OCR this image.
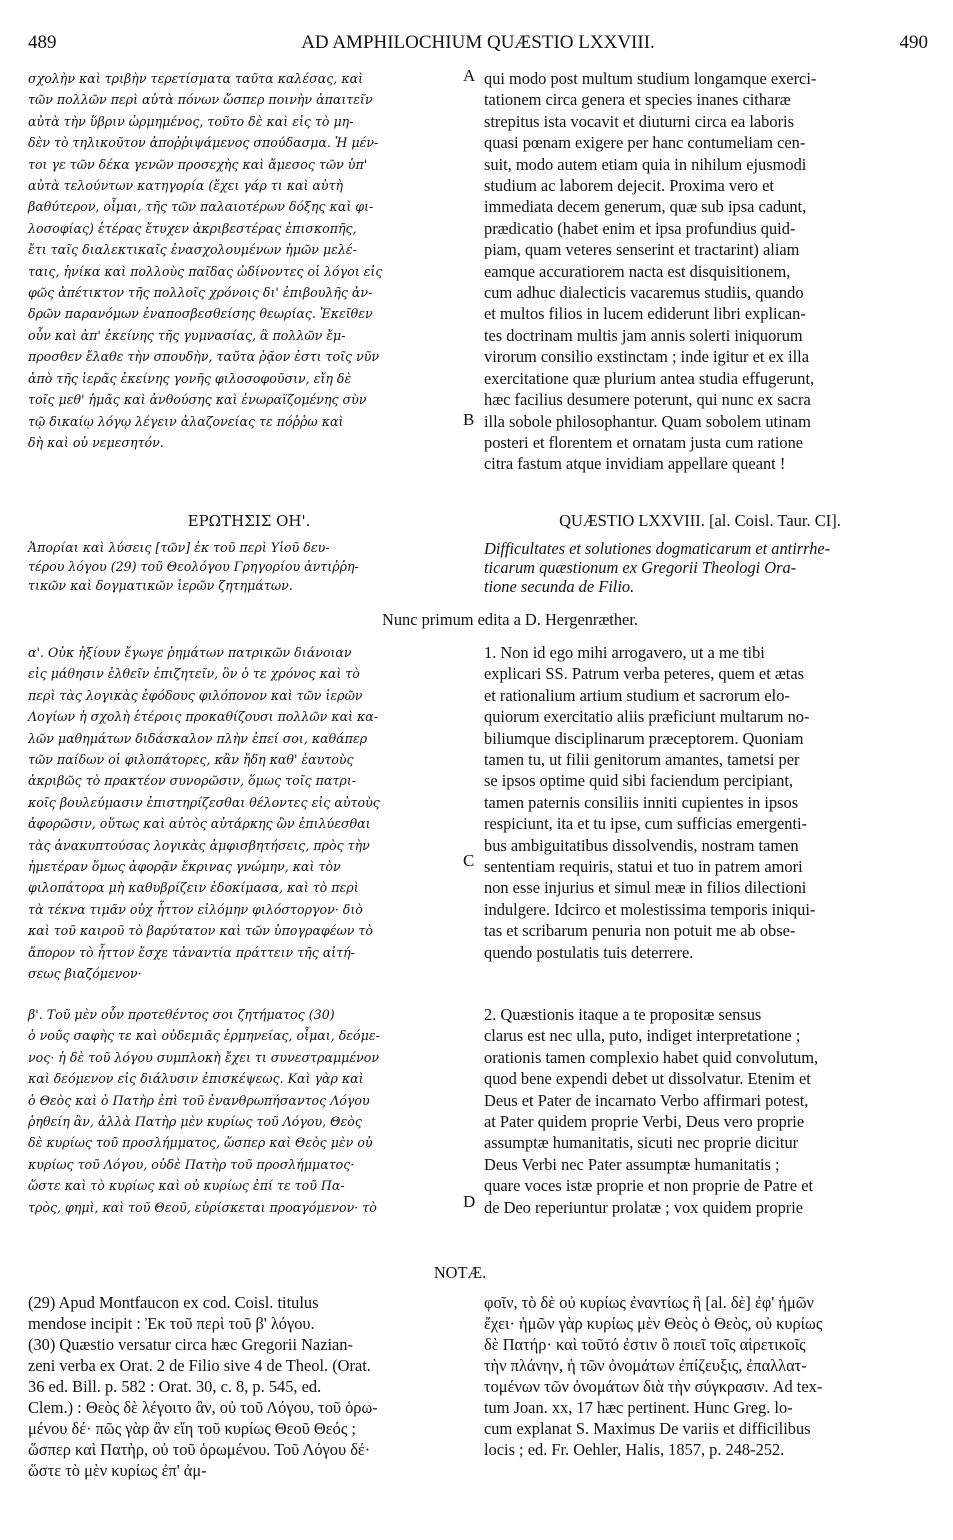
489	AD AMPHILOCHIUM QUÆSTIO LXXVIII.	490
σχολὴν καὶ τριβὴν τερετίσματα ταῦτα καλέσας, καὶ
τῶν πολλῶν περὶ αὐτὰ πόνων ὥσπερ ποινὴν ἀπαιτεῖν
αὐτὰ τὴν ὕβριν ὡρμημένος, τοῦτο δὲ καὶ εἰς τὸ μη-
δὲν τὸ τηλικοῦτον ἀποῤῥιψάμενος σπούδασμα. Ἡ μέν-
τοι γε τῶν δέκα γενῶν προσεχὴς καὶ ἄμεσος τῶν ὑπ'
αὐτὰ τελούντων κατηγορία (ἔχει γάρ τι καὶ αὐτὴ
βαθύτερον, οἶμαι, τῆς τῶν παλαιοτέρων δόξης καὶ φι-
λοσοφίας) ἑτέρας ἔτυχεν ἀκριβεστέρας ἐπισκοπῆς,
ἔτι ταῖς διαλεκτικαῖς ἐνασχολουμένων ἡμῶν μελέ-
ταις, ἡνίκα καὶ πολλοὺς παῖδας ὠδίνοντες οἱ λόγοι εἰς
φῶς ἀπέτικτον τῆς πολλοῖς χρόνοις δι' ἐπιβουλῆς ἀν-
δρῶν παρανόμων ἐναποσβεσθείσης θεωρίας. Ἐκεῖθεν
οὖν καὶ ἀπ' ἐκείνης τῆς γυμνασίας, ἃ πολλῶν ἔμ-
προσθεν ἔλαθε τὴν σπουδὴν, ταῦτα ῥᾷον ἐστι τοῖς νῦν
ἀπὸ τῆς ἱερᾶς ἐκείνης γονῆς φιλοσοφοῦσιν, εἴη δὲ
τοῖς μεθ' ἡμᾶς καὶ ἀνθούσης καὶ ἐνωραϊζομένης σὺν
τῷ δικαίῳ λόγῳ λέγειν ἀλαζονείας τε πόῤῥω καὶ
δὴ καὶ οὐ νεμεσητόν.
qui modo post multum studium longamque exerci-
tationem circa genera et species inanes citharæ
strepitus ista vocavit et diuturni circa ea laboris
quasi pœnam exigere per hanc contumeliam cen-
suit, modo autem etiam quia in nihilum ejusmodi
studium ac laborem dejecit. Proxima vero et
immediata decem generum, quæ sub ipsa cadunt,
prædicatio (habet enim et ipsa profundius quid-
piam, quam veteres senserint et tractarint) aliam
eamque accuratiorem nacta est disquisitionem,
cum adhuc dialecticis vacaremus studiis, quando
et multos filios in lucem ediderunt libri explican-
tes doctrinam multis jam annis solerti iniquorum
virorum consilio exstinctam ; inde igitur et ex illa
exercitatione quæ plurium antea studia effugerunt,
hæc facilius desumere poterunt, qui nunc ex sacra
illa sobole philosophantur. Quam sobolem utinam
posteri et florentem et ornatam justa cum ratione
citra fastum atque invidiam appellare queant !
A
B
C
D
ΕΡΩΤΗΣΙΣ ΟΗ'.	QUÆSTIO LXXVIII. [al. Coisl. Taur. CI].
Ἀπορίαι καὶ λύσεις [τῶν] ἐκ τοῦ περὶ Υἱοῦ δευ-
τέρου λόγου (29) τοῦ Θεολόγου Γρηγορίου ἀντιῤῥη-
τικῶν καὶ δογματικῶν ἱερῶν ζητημάτων.
Difficultates et solutiones dogmaticarum et antirrhe-
ticarum quæstionum ex Gregorii Theologi Ora-
tione secunda de Filio.
Nunc primum edita a D. Hergenræther.
α'. Οὐκ ἠξίουν ἔγωγε ῥημάτων πατρικῶν διάνοιαν
εἰς μάθησιν ἐλθεῖν ἐπιζητεῖν, ὃν ὁ τε χρόνος καὶ τὸ
περὶ τὰς λογικὰς ἐφόδους φιλόπονον καὶ τῶν ἱερῶν
Λογίων ἡ σχολὴ ἑτέροις προκαθίζουσι πολλῶν καὶ κα-
λῶν μαθημάτων διδάσκαλον πλὴν ἐπεί σοι, καθάπερ
τῶν παίδων οἱ φιλοπάτορες, κἂν ἤδη καθ' ἑαυτοὺς
ἀκριβῶς τὸ πρακτέον συνορῶσιν, ὅμως τοῖς πατρι-
κοῖς βουλεύμασιν ἐπιστηρίζεσθαι θέλοντες εἰς αὐτοὺς
ἀφορῶσιν, οὕτως καὶ αὐτὸς αὐτάρκης ὢν ἐπιλύεσθαι
τὰς ἀνακυπτούσας λογικὰς ἀμφισβητήσεις, πρὸς τὴν
ἡμετέραν ὅμως ἀφορᾷν ἔκρινας γνώμην, καὶ τὸν
φιλοπάτορα μὴ καθυβρίζειν ἐδοκίμασα, καὶ τὸ περὶ
τὰ τέκνα τιμᾶν οὐχ ἧττον εἰλόμην φιλόστοργον· διὸ
καὶ τοῦ καιροῦ τὸ βαρύτατον καὶ τῶν ὑπογραφέων τὸ
ἄπορον τὸ ἧττον ἔσχε τἀναντία πράττειν τῆς αἰτή-
σεως βιαζόμενον·
1. Non id ego mihi arrogavero, ut a me tibi
explicari SS. Patrum verba peteres, quem et ætas
et rationalium artium studium et sacrorum elo-
quiorum exercitatio aliis præficiunt multarum no-
biliumque disciplinarum præceptorem. Quoniam
tamen tu, ut filii genitorum amantes, tametsi per
se ipsos optime quid sibi faciendum percipiant,
tamen paternis consiliis inniti cupientes in ipsos
respiciunt, ita et tu ipse, cum sufficias emergenti-
bus ambiguitatibus dissolvendis, nostram tamen
sententiam requiris, statui et tuo in patrem amori
non esse injurius et simul meæ in filios dilectioni
indulgere. Idcirco et molestissima temporis iniqui-
tas et scribarum penuria non potuit me ab obse-
quendo postulatis tuis deterrere.
β'. Τοῦ μὲν οὖν προτεθέντος σοι ζητήματος (30)
ὁ νοῦς σαφὴς τε καὶ οὐδεμιᾶς ἑρμηνείας, οἶμαι, δεόμε-
νος· ἡ δὲ τοῦ λόγου συμπλοκὴ ἔχει τι συνεστραμμένον
καὶ δεόμενον εἰς διάλυσιν ἐπισκέψεως. Καὶ γὰρ καὶ
ὁ Θεὸς καὶ ὁ Πατὴρ ἐπὶ τοῦ ἐνανθρωπήσαντος Λόγου
ῥηθείη ἂν, ἀλλὰ Πατὴρ μὲν κυρίως τοῦ Λόγου, Θεὸς
δὲ κυρίως τοῦ προσλήμματος, ὥσπερ καὶ Θεὸς μὲν οὐ
κυρίως τοῦ Λόγου, οὐδὲ Πατὴρ τοῦ προσλήμματος·
ὥστε καὶ τὸ κυρίως καὶ οὐ κυρίως ἐπί τε τοῦ Πα-
τρὸς, φημὶ, καὶ τοῦ Θεοῦ, εὑρίσκεται προαγόμενον· τὸ
2. Quæstionis itaque a te propositæ sensus
clarus est nec ulla, puto, indiget interpretatione ;
orationis tamen complexio habet quid convolutum,
quod bene expendi debet ut dissolvatur. Etenim et
Deus et Pater de incarnato Verbo affirmari potest,
at Pater quidem proprie Verbi, Deus vero proprie
assumptæ humanitatis, sicuti nec proprie dicitur
Deus Verbi nec Pater assumptæ humanitatis ;
quare voces istæ proprie et non proprie de Patre et
de Deo reperiuntur prolatæ ; vox quidem proprie
NOTÆ.
(29) Apud Montfaucon ex cod. Coisl. titulus
mendose incipit : Ἐκ τοῦ περὶ τοῦ β' λόγου.
(30) Quæstio versatur circa hæc Gregorii Nazian-
zeni verba ex Orat. 2 de Filio sive 4 de Theol. (Orat.
36 ed. Bill. p. 582 : Orat. 30, c. 8, p. 545, ed.
Clem.) : Θεὸς δὲ λέγοιτο ἂν, οὐ τοῦ Λόγου, τοῦ ὁρω-
μένου δέ· πῶς γὰρ ἂν εἴη τοῦ κυρίως Θεοῦ Θεός ;
ὥσπερ καὶ Πατὴρ, οὐ τοῦ ὁρωμένου. Τοῦ Λόγου δέ·
ὥστε τὸ μὲν κυρίως ἐπ' ἀμ-
φοῖν, τὸ δὲ οὐ κυρίως ἐναντίως ἢ [al. δὲ] ἐφ' ἡμῶν
ἔχει· ἡμῶν γὰρ κυρίως μὲν Θεὸς ὁ Θεὸς, οὐ κυρίως
δὲ Πατήρ· καὶ τοῦτό ἐστιν ὃ ποιεῖ τοῖς αἱρετικοῖς
τὴν πλάνην, ἡ τῶν ὀνομάτων ἐπίζευξις, ἐπαλλατ-
τομένων τῶν ὀνομάτων διὰ τὴν σύγκρασιν. Ad tex-
tum Joan. xx, 17 hæc pertinent. Hunc Greg. lo-
cum explanat S. Maximus De variis et difficilibus
locis ; ed. Fr. Oehler, Halis, 1857, p. 248-252.
